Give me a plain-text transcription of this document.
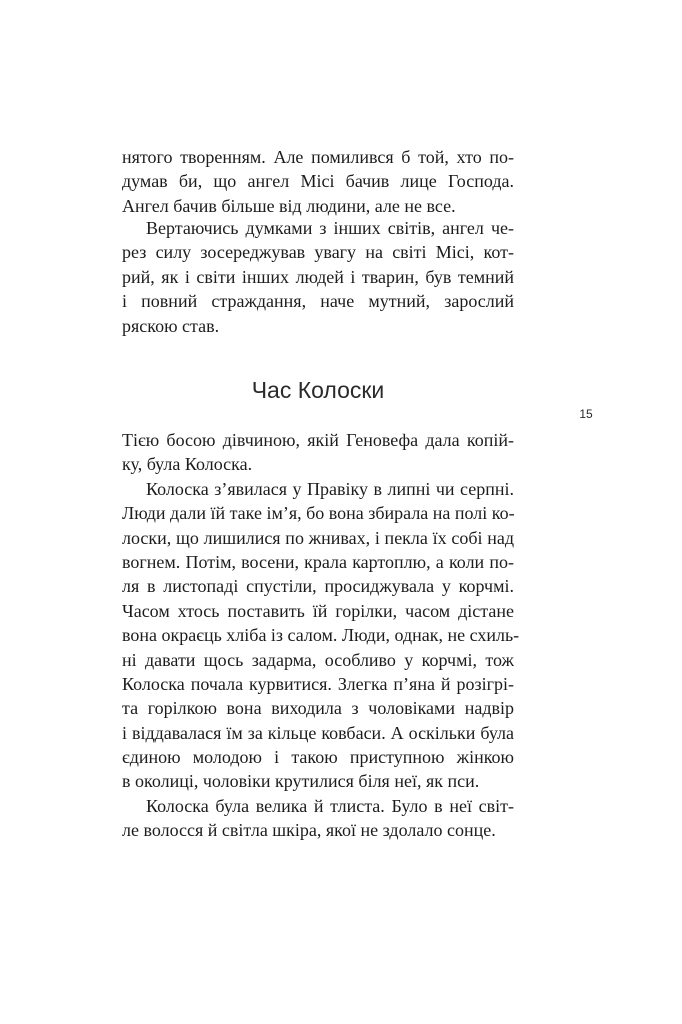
нятого творенням. Але помилився б той, хто по-
думав би, що ангел Місі бачив лице Господа.
Ангел бачив більше від людини, але не все.
Вертаючись думками з інших світів, ангел че-
рез силу зосереджував увагу на світі Місі, кот-
рий, як і світи інших людей і тварин, був темний
і повний страждання, наче мутний, зарослий
ряскою став.
Час Колоски
15
Тією босою дівчиною, якій Геновефа дала копій-
ку, була Колоска.
Колоска з’явилася у Правіку в липні чи серпні.
Люди дали їй таке ім’я, бо вона збирала на полі ко-
лоски, що лишилися по жнивах, і пекла їх собі над
вогнем. Потім, восени, крала картоплю, а коли по-
ля в листопаді спустіли, просиджувала у корчмі.
Часом хтось поставить їй горілки, часом дістане
вона окраєць хліба із салом. Люди, однак, не схиль-
ні давати щось задарма, особливо у корчмі, тож
Колоска почала курвитися. Злегка п’яна й розігрі-
та горілкою вона виходила з чоловіками надвір
і віддавалася їм за кільце ковбаси. А оскільки була
єдиною молодою і такою приступною жінкою
в околиці, чоловіки крутилися біля неї, як пси.
Колоска була велика й тлиста. Було в неї світ-
ле волосся й світла шкіра, якої не здолало сонце.
